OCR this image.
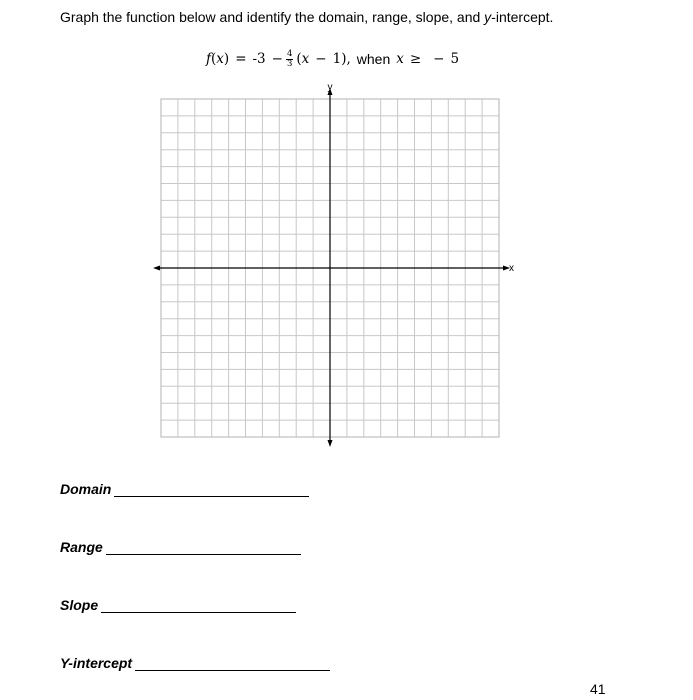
Graph the function below and identify the domain, range, slope, and y-intercept.
f ( x ) = $-3 - \frac{4}{3}$ ( x − 1 ), when x ≥ − 5
y
x
Domain
Range
Slope
Y-intercept
41
